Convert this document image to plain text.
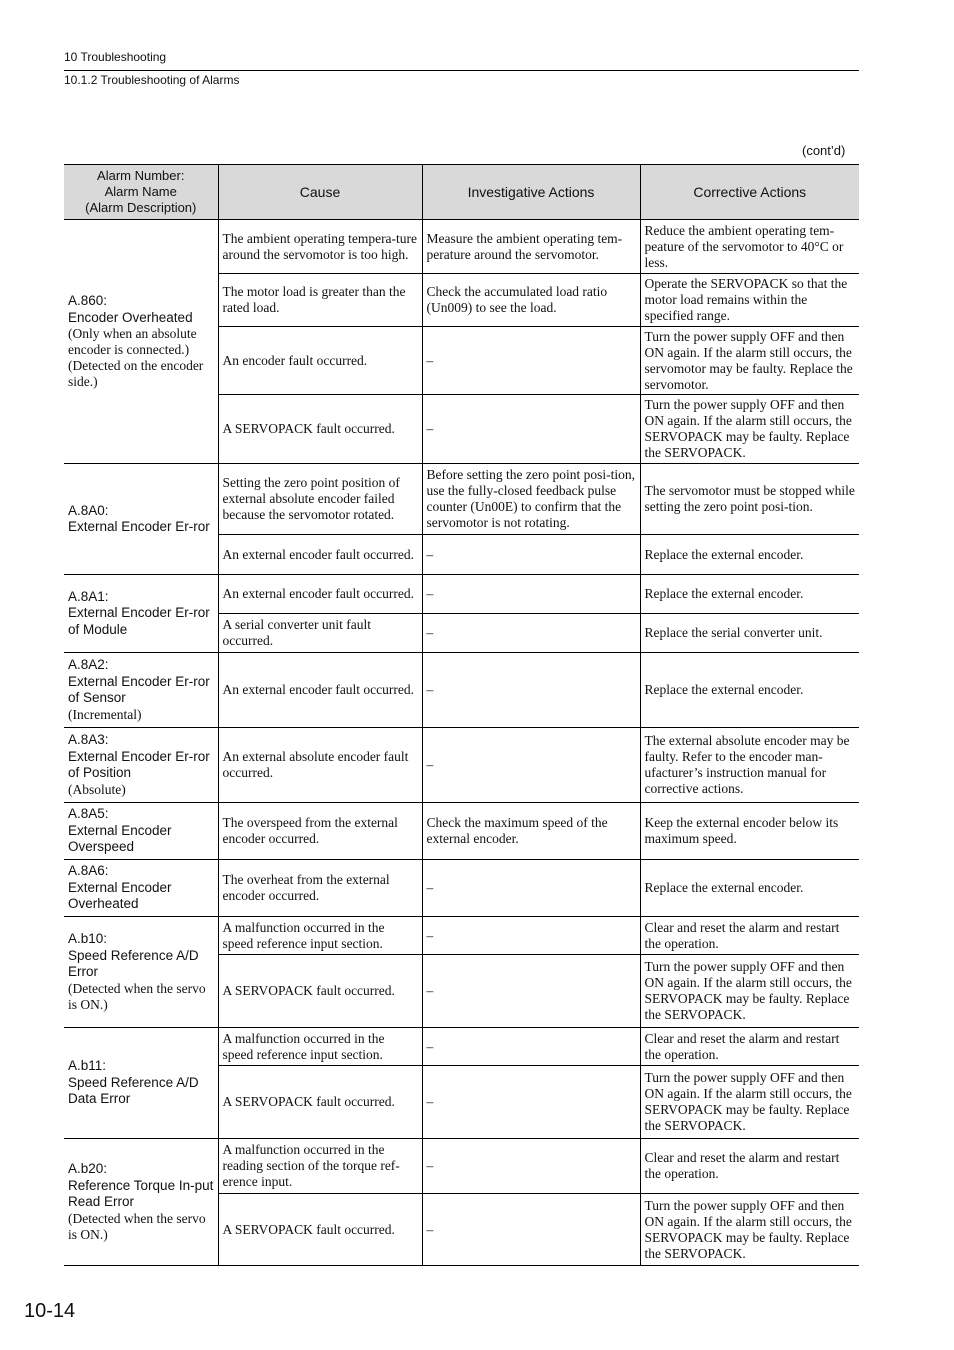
10 Troubleshooting
10.1.2 Troubleshooting of Alarms
(cont’d)
Alarm Number:
Alarm Name
(Alarm Description)	Cause	Investigative Actions	Corrective Actions

A.860:
Encoder Overheated
(Only when an absolute encoder is connected.) (Detected on the encoder side.)	The ambient operating tempera-ture around the servomotor is too high.	Measure the ambient operating tem-perature around the servomotor.	Reduce the ambient operating tem-peature of the servomotor to 40°C or less.
	The motor load is greater than the rated load.	Check the accumulated load ratio (Un009) to see the load.	Operate the SERVOPACK so that the motor load remains within the specified range.
	An encoder fault occurred.	–	Turn the power supply OFF and then ON again. If the alarm still occurs, the servomotor may be faulty. Replace the servomotor.
	A SERVOPACK fault occurred.	–	Turn the power supply OFF and then ON again. If the alarm still occurs, the SERVOPACK may be faulty. Replace the SERVOPACK.

A.8A0:
External Encoder Er-ror	Setting the zero point position of external absolute encoder failed because the servomotor rotated.	Before setting the zero point posi-tion, use the fully-closed feedback pulse counter (Un00E) to confirm that the servomotor is not rotating.	The servomotor must be stopped while setting the zero point posi-tion.
	An external encoder fault occurred.	–	Replace the external encoder.

A.8A1:
External Encoder Er-ror of Module	An external encoder fault occurred.	–	Replace the external encoder.
	A serial converter unit fault occurred.	–	Replace the serial converter unit.

A.8A2:
External Encoder Er-ror of Sensor
(Incremental)	An external encoder fault occurred.	–	Replace the external encoder.

A.8A3:
External Encoder Er-ror of Position
(Absolute)	An external absolute encoder fault occurred.	–	The external absolute encoder may be faulty. Refer to the encoder man-ufacturer’s instruction manual for corrective actions.

A.8A5:
External Encoder Overspeed	The overspeed from the external encoder occurred.	Check the maximum speed of the external encoder.	Keep the external encoder below its maximum speed.

A.8A6:
External Encoder Overheated	The overheat from the external encoder occurred.	–	Replace the external encoder.

A.b10:
Speed Reference A/D Error
(Detected when the servo is ON.)	A malfunction occurred in the speed reference input section.	–	Clear and reset the alarm and restart the operation.
	A SERVOPACK fault occurred.	–	Turn the power supply OFF and then ON again. If the alarm still occurs, the SERVOPACK may be faulty. Replace the SERVOPACK.

A.b11:
Speed Reference A/D Data Error	A malfunction occurred in the speed reference input section.	–	Clear and reset the alarm and restart the operation.
	A SERVOPACK fault occurred.	–	Turn the power supply OFF and then ON again. If the alarm still occurs, the SERVOPACK may be faulty. Replace the SERVOPACK.

A.b20:
Reference Torque In-put Read Error
(Detected when the servo is ON.)	A malfunction occurred in the reading section of the torque ref-erence input.	–	Clear and reset the alarm and restart the operation.
	A SERVOPACK fault occurred.	–	Turn the power supply OFF and then ON again. If the alarm still occurs, the SERVOPACK may be faulty. Replace the SERVOPACK.
10-14
